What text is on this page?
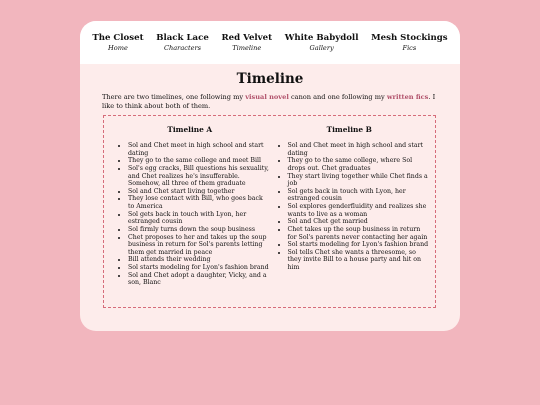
The Closet
Home
Black Lace
Characters
Red Velvet
Timeline
White Babydoll
Gallery
Mesh Stockings
Fics
Timeline

There are two timelines, one following my visual novel canon and one following my written fics. I like to think about both of them.

Timeline A
• Sol and Chet meet in high school and start dating
• They go to the same college and meet Bill
• Sol's egg cracks, Bill questions his sexuality, and Chet realizes he's insufferable. Somehow, all three of them graduate
• Sol and Chet start living together
• They lose contact with Bill, who goes back to America
• Sol gets back in touch with Lyon, her estranged cousin
• Sol firmly turns down the soup business
• Chet proposes to her and takes up the soup business in return for Sol's parents letting them get married in peace
• Bill attends their wedding
• Sol starts modeling for Lyon's fashion brand
• Sol and Chet adopt a daughter, Vicky, and a son, Blanc
Timeline B
• Sol and Chet meet in high school and start dating
• They go to the same college, where Sol drops out. Chet graduates
• They start living together while Chet finds a job
• Sol gets back in touch with Lyon, her estranged cousin
• Sol explores genderfluidity and realizes she wants to live as a woman
• Sol and Chet get married
• Chet takes up the soup business in return for Sol's parents never contacting her again
• Sol starts modeling for Lyon's fashion brand
• Sol tells Chet she wants a threesome, so they invite Bill to a house party and hit on him
